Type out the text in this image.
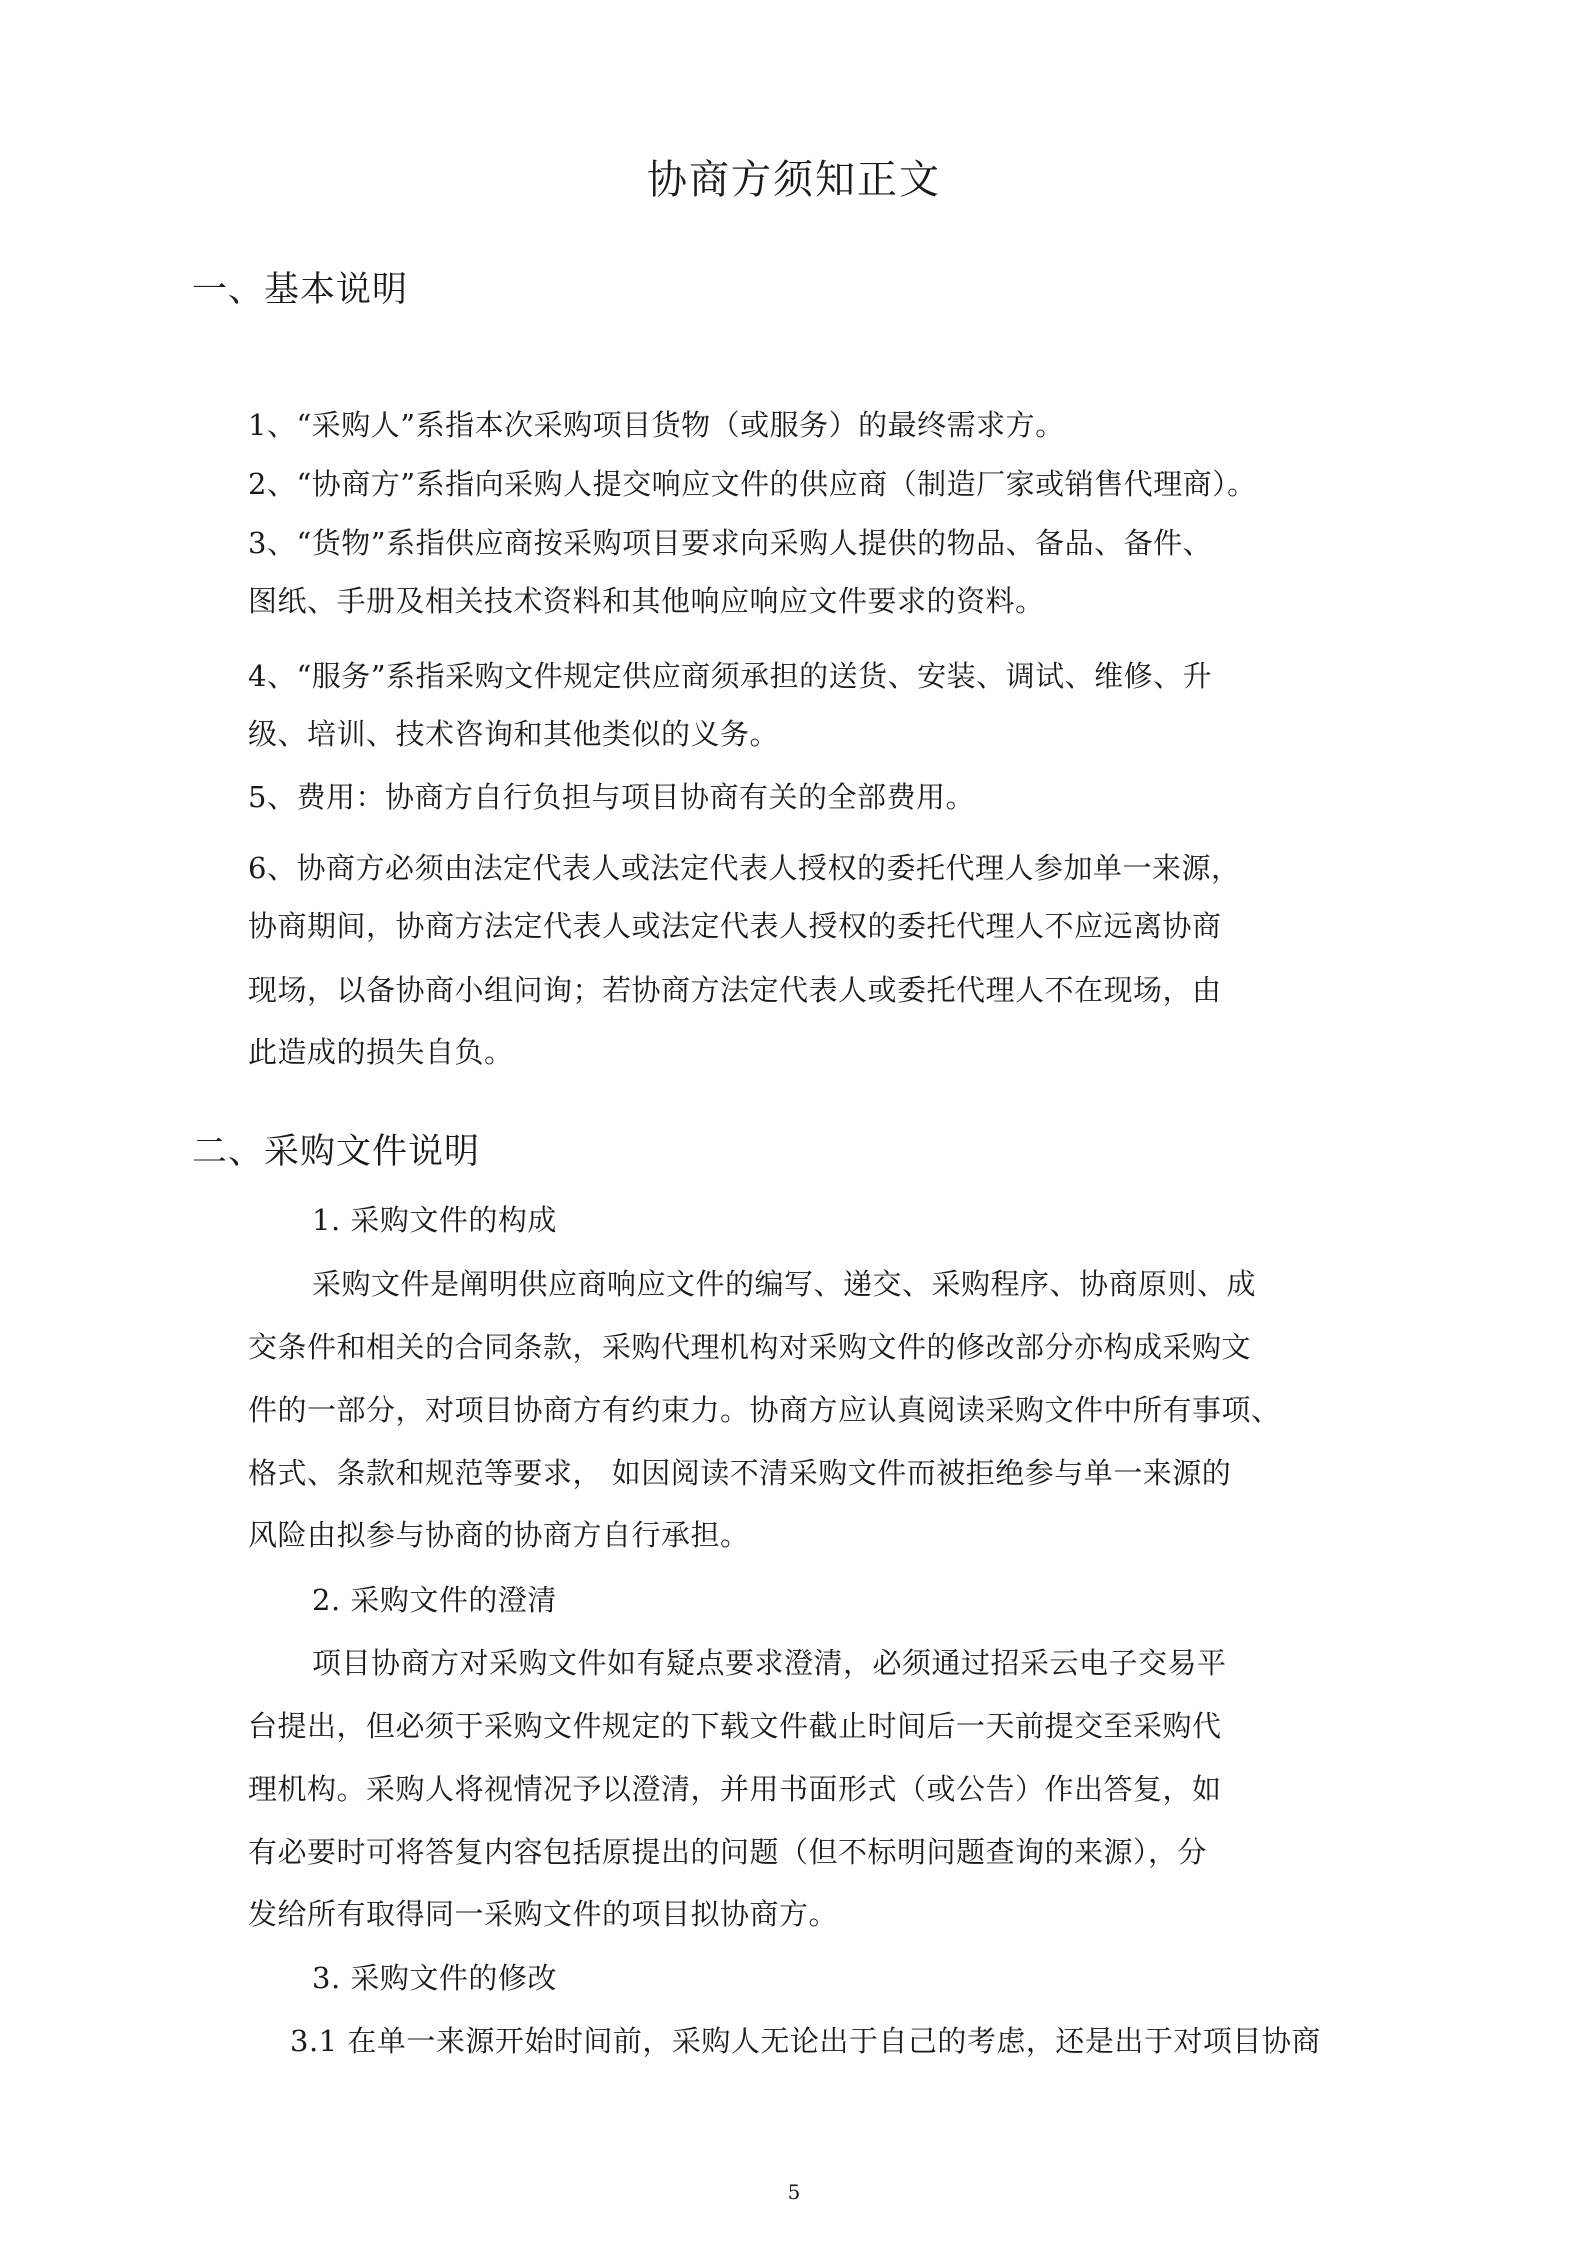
协商方须知正文
一、基本说明
1、“采购人”系指本次采购项目货物（或服务）的最终需求方。
2、“协商方”系指向采购人提交响应文件的供应商（制造厂家或销售代理商）。
3、“货物”系指供应商按采购项目要求向采购人提供的物品、备品、备件、
图纸、手册及相关技术资料和其他响应响应文件要求的资料。
4、“服务”系指采购文件规定供应商须承担的送货、安装、调试、维修、升
级、培训、技术咨询和其他类似的义务。
5、费用：协商方自行负担与项目协商有关的全部费用。
6、协商方必须由法定代表人或法定代表人授权的委托代理人参加单一来源，
协商期间，协商方法定代表人或法定代表人授权的委托代理人不应远离协商
现场，以备协商小组问询；若协商方法定代表人或委托代理人不在现场，由
此造成的损失自负。
二、采购文件说明
1. 采购文件的构成
采购文件是阐明供应商响应文件的编写、递交、采购程序、协商原则、成
交条件和相关的合同条款，采购代理机构对采购文件的修改部分亦构成采购文
件的一部分，对项目协商方有约束力。协商方应认真阅读采购文件中所有事项、
格式、条款和规范等要求， 如因阅读不清采购文件而被拒绝参与单一来源的
风险由拟参与协商的协商方自行承担。
2. 采购文件的澄清
项目协商方对采购文件如有疑点要求澄清，必须通过招采云电子交易平
台提出，但必须于采购文件规定的下载文件截止时间后一天前提交至采购代
理机构。采购人将视情况予以澄清，并用书面形式（或公告）作出答复，如
有必要时可将答复内容包括原提出的问题（但不标明问题查询的来源），分
发给所有取得同一采购文件的项目拟协商方。
3. 采购文件的修改
3.1 在单一来源开始时间前，采购人无论出于自己的考虑，还是出于对项目协商
5
